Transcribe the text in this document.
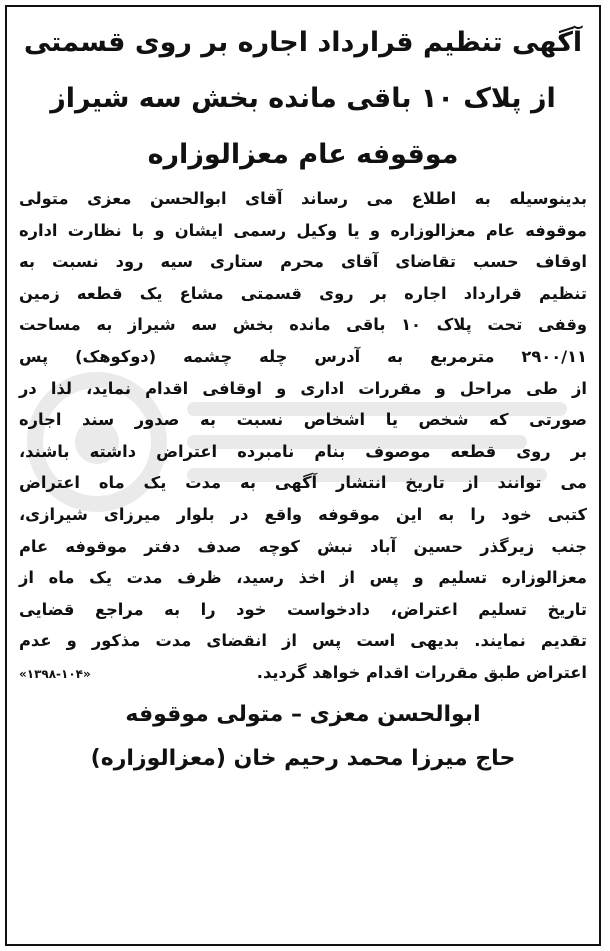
آگهی تنظیم قرارداد اجاره بر روی قسمتی

از پلاک ۱۰ باقی مانده بخش سه شیراز

موقوفه عام معزالوزاره

بدینوسیله به اطلاع می رساند آقای ابوالحسن معزی متولی

موقوفه عام معزالوزاره و یا وکیل رسمی ایشان و با نظارت اداره

اوقاف حسب تقاضای آقای محرم ستاری سیه رود نسبت به

تنظیم قرارداد اجاره بر روی قسمتی مشاع یک قطعه زمین

وقفی تحت پلاک ۱۰ باقی مانده بخش سه شیراز به مساحت

۲۹۰۰/۱۱ مترمربع به آدرس چله چشمه (دوکوهک) پس

از طی مراحل و مقررات اداری و اوقافی اقدام نماید، لذا در

صورتی که شخص یا اشخاص نسبت به صدور سند اجاره

بر روی قطعه موصوف بنام نامبرده اعتراض داشته باشند،

می توانند از تاریخ انتشار آگهی به مدت یک ماه اعتراض

کتبی خود را به این موقوفه واقع در بلوار میرزای شیرازی،

جنب زیرگذر حسین آباد نبش کوچه صدف دفتر موقوفه عام

معزالوزاره تسلیم و پس از اخذ رسید، ظرف مدت یک ماه از

تاریخ تسلیم اعتراض، دادخواست خود را به مراجع قضایی

تقدیم نمایند. بدیهی است پس از انقضای مدت مذکور و عدم

اعتراض طبق مقررات اقدام خواهد گردید.

«۱۳۹۸-۱۰۴»

ابوالحسن معزی – متولی موقوفه

حاج میرزا محمد رحیم خان (معزالوزاره)
